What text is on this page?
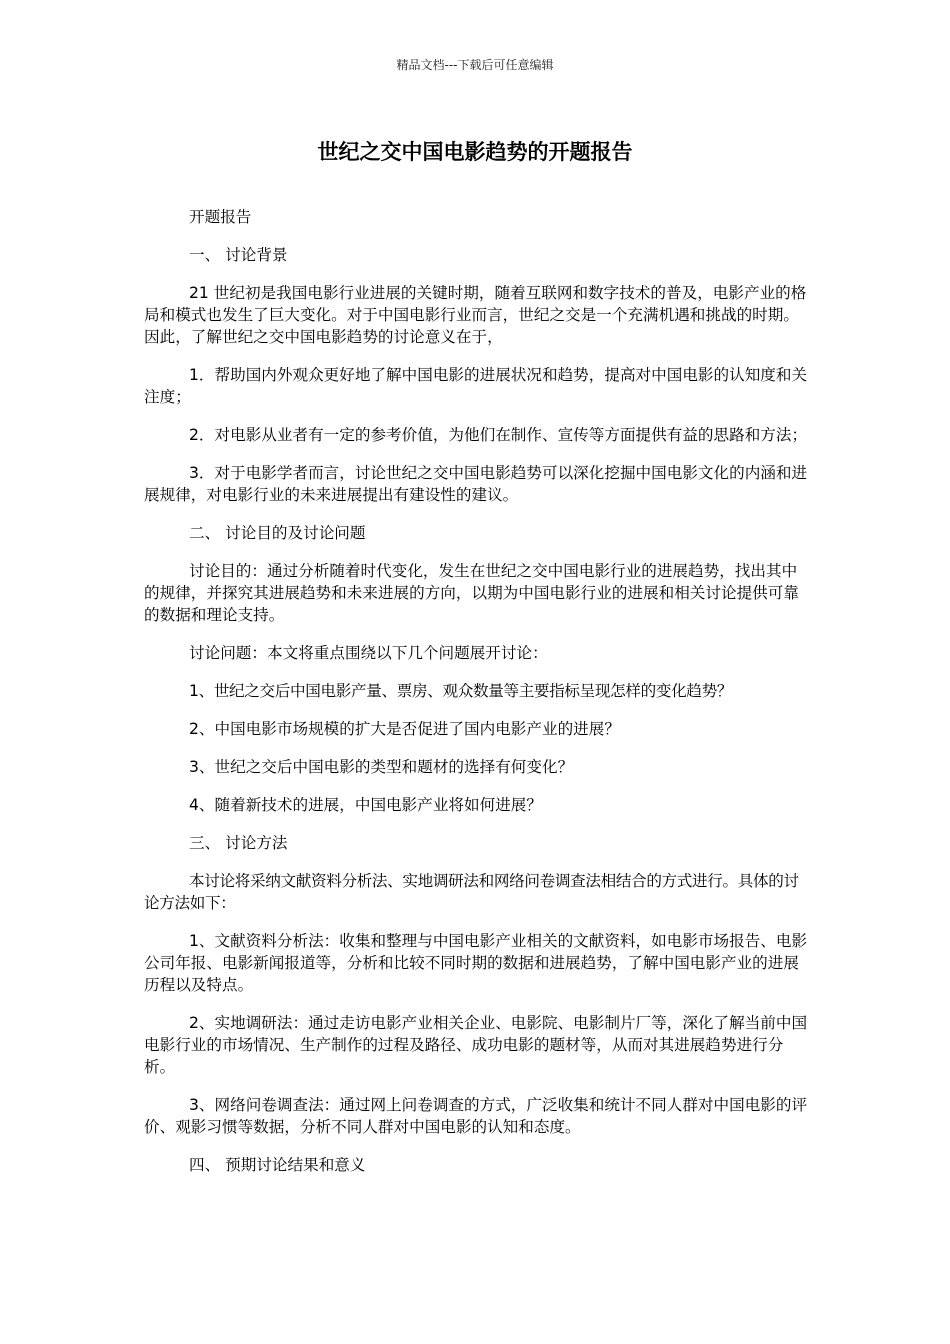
精品文档---下载后可任意编辑
世纪之交中国电影趋势的开题报告

开题报告

一、 讨论背景

21 世纪初是我国电影行业进展的关键时期，随着互联网和数字技术的普及，电影产业的格局和模式也发生了巨大变化。对于中国电影行业而言，世纪之交是一个充满机遇和挑战的时期。因此，了解世纪之交中国电影趋势的讨论意义在于，

1．帮助国内外观众更好地了解中国电影的进展状况和趋势，提高对中国电影的认知度和关注度；

2．对电影从业者有一定的参考价值，为他们在制作、宣传等方面提供有益的思路和方法；

3．对于电影学者而言，讨论世纪之交中国电影趋势可以深化挖掘中国电影文化的内涵和进展规律，对电影行业的未来进展提出有建设性的建议。

二、 讨论目的及讨论问题

讨论目的：通过分析随着时代变化，发生在世纪之交中国电影行业的进展趋势，找出其中的规律，并探究其进展趋势和未来进展的方向，以期为中国电影行业的进展和相关讨论提供可靠的数据和理论支持。

讨论问题：本文将重点围绕以下几个问题展开讨论：

1、世纪之交后中国电影产量、票房、观众数量等主要指标呈现怎样的变化趋势？

2、中国电影市场规模的扩大是否促进了国内电影产业的进展？

3、世纪之交后中国电影的类型和题材的选择有何变化？

4、随着新技术的进展，中国电影产业将如何进展？

三、 讨论方法

本讨论将采纳文献资料分析法、实地调研法和网络问卷调查法相结合的方式进行。具体的讨论方法如下：

1、文献资料分析法：收集和整理与中国电影产业相关的文献资料，如电影市场报告、电影公司年报、电影新闻报道等，分析和比较不同时期的数据和进展趋势，了解中国电影产业的进展历程以及特点。

2、实地调研法：通过走访电影产业相关企业、电影院、电影制片厂等，深化了解当前中国电影行业的市场情况、生产制作的过程及路径、成功电影的题材等，从而对其进展趋势进行分析。

3、网络问卷调查法：通过网上问卷调查的方式，广泛收集和统计不同人群对中国电影的评价、观影习惯等数据，分析不同人群对中国电影的认知和态度。

四、 预期讨论结果和意义
